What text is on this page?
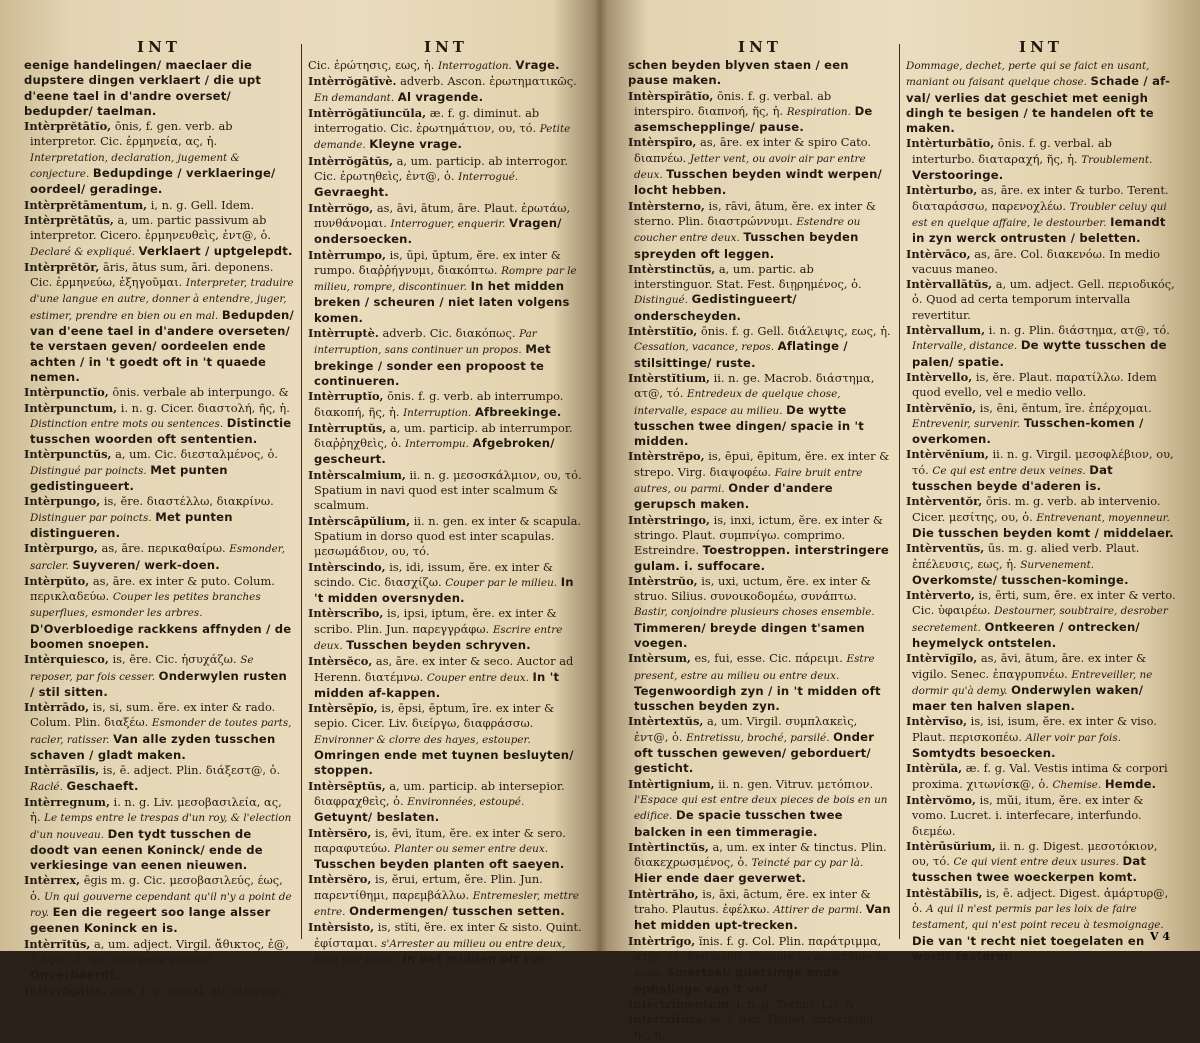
INT
eenige handelingen/ maeclaer die dupstere dingen verklaert / die upt d'eene tael in d'andre overset/ bedupder/ taelman.
Intèrprĕtātĭo, ōnis, f. gen. verb. ab interpretor. Cic. ἑρμηνεία, ας, ἡ. Interpretation, declaration, jugement & conjecture. Bedupdinge / verklaeringe/ oordeel/ geradinge.
Intèrprĕtāmentum, i, n. g. Gell. Idem.
Intèrprĕtātūs, a, um. partic passivum ab interpretor. Cicero. ἑρμηνευθεὶς, ἐντ@, ὁ. Declaré & expliqué. Verklaert / uptgelepdt.
Intèrprĕtŏr, āris, ātus sum, āri. deponens. Cic. ἑρμηνεύω, ἐξηγοῦμαι. Interpreter, traduire d'une langue en autre, donner à entendre, juger, estimer, prendre en bien ou en mal. Bedupden/ van d'eene tael in d'andere overseten/ te verstaen geven/ oordeelen ende achten / in 't goedt oft in 't quaede nemen.
Intèrpunctĭo, ōnis. verbale ab interpungo. &
Intèrpunctum, i. n. g. Cicer. διαστολή, ῆς, ἡ. Distinction entre mots ou sentences. Distinctie tusschen woorden oft sententien.
Intèrpunctŭs, a, um. Cic. διεσταλμένος, ὁ. Distingué par poincts. Met punten gedistingueert.
Intèrpungo, is, ĕre. διαστέλλω, διακρίνω. Distinguer par poincts. Met punten distingueren.
Intèrpurgo, as, āre. περικαθαίρω. Esmonder, sarcler. Suyveren/ werk-doen.
Intèrpŭto, as, āre. ex inter & puto. Colum. περικλαδεύω. Couper les petites branches superflues, esmonder les arbres. D'Overbloedige rackkens affnyden / de boomen snoepen.
Intèrquiesco, is, ĕre. Cic. ἡσυχάζω. Se reposer, par fois cesser. Onderwylen rusten / stil sitten.
Intèrrādo, is, si, sum. ĕre. ex inter & rado. Colum. Plin. διαξέω. Esmonder de toutes parts, racler, ratisser. Van alle zyden tusschen schaven / gladt maken.
Intèrrāsĭlis, is, ē. adject. Plin. διάξεστ@, ὁ. Raclé. Geschaeft.
Intèrregnum, i. n. g. Liv. μεσοβασιλεία, ας, ἡ. Le temps entre le trespas d'un roy, & l'election d'un nouveau. Den tydt tusschen de doodt van eenen Koninck/ ende de verkiesinge van eenen nieuwen.
Intèrrex, ēgis m. g. Cic. μεσοβασιλεύς, έως, ὁ. Un qui gouverne cependant qu'il n'y a point de roy. Een die regeert soo lange alsser geenen Koninck en is.
Intèrrĭtŭs, a, um. adject. Virgil. ἄθικτος, ἐ@, ὁ ἀφ@, ὁ. Qui n'est point estonné. Onverbaerdt.
Intèrrŏgātĭo, ōnis. f. g. verbal. ab interrogo.
INT
Cic. ἐρώτησις, εως, ἡ. Interrogation. Vrage.
Intèrrŏgātīvè. adverb. Ascon. ἐρωτηματικῶς. En demandant. Al vragende.
Intèrrŏgātĭuncŭla, æ. f. g. diminut. ab interrogatio. Cic. ἐρωτημάτιον, ου, τό. Petite demande. Kleyne vrage.
Intèrrŏgātŭs, a, um. particip. ab interrogor. Cic. ἐρωτηθεὶς, ἐντ@, ὁ. Interrogué. Gevraeght.
Intèrrŏgo, as, āvi, ātum, āre. Plaut. ἐρωτάω, πυνθάνομαι. Interroguer, enquerir. Vragen/ ondersoecken.
Intèrrumpo, is, ūpi, ūptum, ĕre. ex inter & rumpo. διαῤῥήγνυμι, διακόπτω. Rompre par le milieu, rompre, discontinuer. In het midden breken / scheuren / niet laten volgens komen.
Intèrruptè. adverb. Cic. διακόπως. Par interruption, sans continuer un propos. Met brekinge / sonder een propoost te continueren.
Intèrruptĭo, ōnis. f. g. verb. ab interrumpo. διακοπή, ῆς, ἡ. Interruption. Afbreekinge.
Intèrruptŭs, a, um. particip. ab interrumpor. διαῤῥηχθεὶς, ὁ. Interrompu. Afgebroken/ gescheurt.
Intèrscalmium, ii. n. g. μεσοσκάλμιον, ου, τό. Spatium in navi quod est inter scalmum & scalmum.
Intèrscāpŭlium, ii. n. gen. ex inter & scapula. Spatium in dorso quod est inter scapulas. μεσωμάδιον, ου, τό.
Intèrscindo, is, idi, issum, ĕre. ex inter & scindo. Cic. διασχίζω. Couper par le milieu. In 't midden oversnyden.
Intèrscrībo, is, ipsi, iptum, ĕre. ex inter & scribo. Plin. Jun. παρεγγράφω. Escrire entre deux. Tusschen beyden schryven.
Intèrsĕco, as, āre. ex inter & seco. Auctor ad Herenn. διατέμνω. Couper entre deux. In 't midden af-kappen.
Intèrsēpĭo, is, ēpsi, ēptum, īre. ex inter & sepio. Cicer. Liv. διείργω, διαφράσσω. Environner & clorre des hayes, estouper. Omringen ende met tuynen besluyten/ stoppen.
Intèrsēptŭs, a, um. particip. ab intersepior. διαφραχθεὶς, ὁ. Environnées, estoupé. Getuynt/ beslaten.
Intèrsĕro, is, ēvi, ĭtum, ĕre. ex inter & sero. παραφυτεύω. Planter ou semer entre deux. Tusschen beyden planten oft saeyen.
Intèrsĕro, is, ĕrui, ertum, ĕre. Plin. Jun. παρεντίθημι, παρεμβάλλω. Entremesler, mettre entre. Ondermengen/ tusschen setten.
Intèrsisto, is, stĭti, ĕre. ex inter & sisto. Quint. ἐφίσταμαι. s'Arrester au milieu ou entre deux, faire une pause. In het midden oft tus-
INT
schen beyden blyven staen / een pause maken.
Intèrspīrātĭo, ōnis. f. g. verbal. ab interspiro. διαπνοή, ῆς, ἡ. Respiration. De asemschepplinge/ pause.
Intèrspīro, as, āre. ex inter & spiro Cato. διαπνέω. Jetter vent, ou avoir air par entre deux. Tusschen beyden windt werpen/ locht hebben.
Intèrsterno, is, rāvi, ātum, ĕre. ex inter & sterno. Plin. διαστρώννυμι. Estendre ou coucher entre deux. Tusschen beyden spreyden oft leggen.
Intèrstinctŭs, a, um. partic. ab interstinguor. Stat. Fest. διῃρημένος, ὁ. Distingué. Gedistingueert/ onderscheyden.
Intèrstĭtĭo, ōnis. f. g. Gell. διάλειψις, εως, ἡ. Cessation, vacance, repos. Aflatinge / stilsittinge/ ruste.
Intèrstĭtium, ii. n. ge. Macrob. διάστημα, ατ@, τό. Entredeux de quelque chose, intervalle, espace au milieu. De wytte tusschen twee dingen/ spacie in 't midden.
Intèrstrĕpo, is, ēpui, ēpitum, ĕre. ex inter & strepo. Virg. διαψοφέω. Faire bruit entre autres, ou parmi. Onder d'andere gerupsch maken.
Intèrstringo, is, inxi, ictum, ĕre. ex inter & stringo. Plaut. συμπνίγω. comprimo. Estreindre. Toestroppen. interstringere gulam. i. suffocare.
Intèrstrŭo, is, uxi, uctum, ĕre. ex inter & struo. Silius. συνοικοδομέω, συνάπτω. Bastir, conjoindre plusieurs choses ensemble. Timmeren/ breyde dingen t'samen voegen.
Intèrsum, es, fui, esse. Cic. πάρειμι. Estre present, estre au milieu ou entre deux. Tegenwoordigh zyn / in 't midden oft tusschen beyden zyn.
Intèrtextŭs, a, um. Virgil. συμπλακεὶς, ἐντ@, ὁ. Entretissu, broché, parsilé. Onder oft tusschen geweven/ geborduert/ gesticht.
Intèrtignium, ii. n. gen. Vitruv. μετόπιον. l'Espace qui est entre deux pieces de bois en un edifice. De spacie tusschen twee balcken in een timmeragie.
Intèrtinctŭs, a, um. ex inter & tinctus. Plin. διακεχρωσμένος, ὁ. Teincté par cy par là. Hier ende daer geverwet.
Intèrtrăho, is, āxi, āctum, ĕre. ex inter & traho. Plautus. ἐφέλκω. Attirer de parmi. Van het midden upt-trecken.
Intèrtrīgo, ĭnis. f. g. Col. Plin. παράτριμμα, ατ@, τό. Entretaillé, blessure ou escorchure de peau. Smertsel/ quetsinge ende ophalinge van 't vel.
Intèrtrīmentum, i. n. g. Terent. Liv. &
Intèrtrītūra, æ. f. gen. Digest. παρατριβή, ῆς, ἡ.
INT
Dommage, dechet, perte qui se faict en usant, maniant ou faisant quelque chose. Schade / af-val/ verlies dat geschiet met eenigh dingh te besigen / te handelen oft te maken.
Intèrturbātĭo, ōnis. f. g. verbal. ab interturbo. διαταραχή, ῆς, ἡ. Troublement. Verstooringe.
Intèrturbo, as, āre. ex inter & turbo. Terent. διαταράσσω, παρενοχλέω. Troubler celuy qui est en quelque affaire, le destourber. Iemandt in zyn werck ontrusten / beletten.
Intèrvāco, as, āre. Col. διακενόω. In medio vacuus maneo.
Intèrvallātŭs, a, um. adject. Gell. περιοδικός, ὁ. Quod ad certa temporum intervalla revertitur.
Intèrvallum, i. n. g. Plin. διάστημα, ατ@, τό. Intervalle, distance. De wytte tusschen de palen/ spatie.
Intèrvello, is, ĕre. Plaut. παρατίλλω. Idem quod evello, vel e medio vello.
Intèrvĕnĭo, is, ēni, ēntum, īre. ἐπέρχομαι. Entrevenir, survenir. Tusschen-komen / overkomen.
Intèrvĕnĭum, ii. n. g. Virgil. μεσοφλέβιον, ου, τό. Ce qui est entre deux veines. Dat tusschen beyde d'aderen is.
Intèrventŏr, ōris. m. g. verb. ab intervenio. Cicer. μεσίτης, ου, ὁ. Entrevenant, moyenneur. Die tusschen beyden komt / middelaer.
Intèrventŭs, ūs. m. g. alied verb. Plaut. ἐπέλευσις, εως, ἡ. Survenement. Overkomste/ tusschen-kominge.
Intèrverto, is, ērti, sum, ĕre. ex inter & verto. Cic. ὑφαιρέω. Destourner, soubtraire, desrober secretement. Ontkeeren / ontrecken/ heymelyck ontstelen.
Intèrvĭgĭlo, as, āvi, ātum, āre. ex inter & vigilo. Senec. ἐπαγρυπνέω. Entreveiller, ne dormir qu'à demy. Onderwylen waken/ maer ten halven slapen.
Intèrvīso, is, isi, isum, ĕre. ex inter & viso. Plaut. περισκοπέω. Aller voir par fois. Somtydts besoecken.
Intèrŭla, æ. f. g. Val. Vestis intima & corpori proxima. χιτωνίσκ@, ὁ. Chemise. Hemde.
Intèrvŏmo, is, mŭi, itum, ĕre. ex inter & vomo. Lucret. i. interfecare, interfundo. διεμέω.
Intèrūsŭrium, ii. n. g. Digest. μεσοτόκιον, ου, τό. Ce qui vient entre deux usures. Dat tusschen twee woeckerpen komt.
Intèstābĭlis, is, ē. adject. Digest. ἀμάρτυρ@, ὁ. A qui il n'est permis par les loix de faire testament, qui n'est point receu à tesmoignage. Die van 't recht niet toegelaten en wordt testeren
V 4
